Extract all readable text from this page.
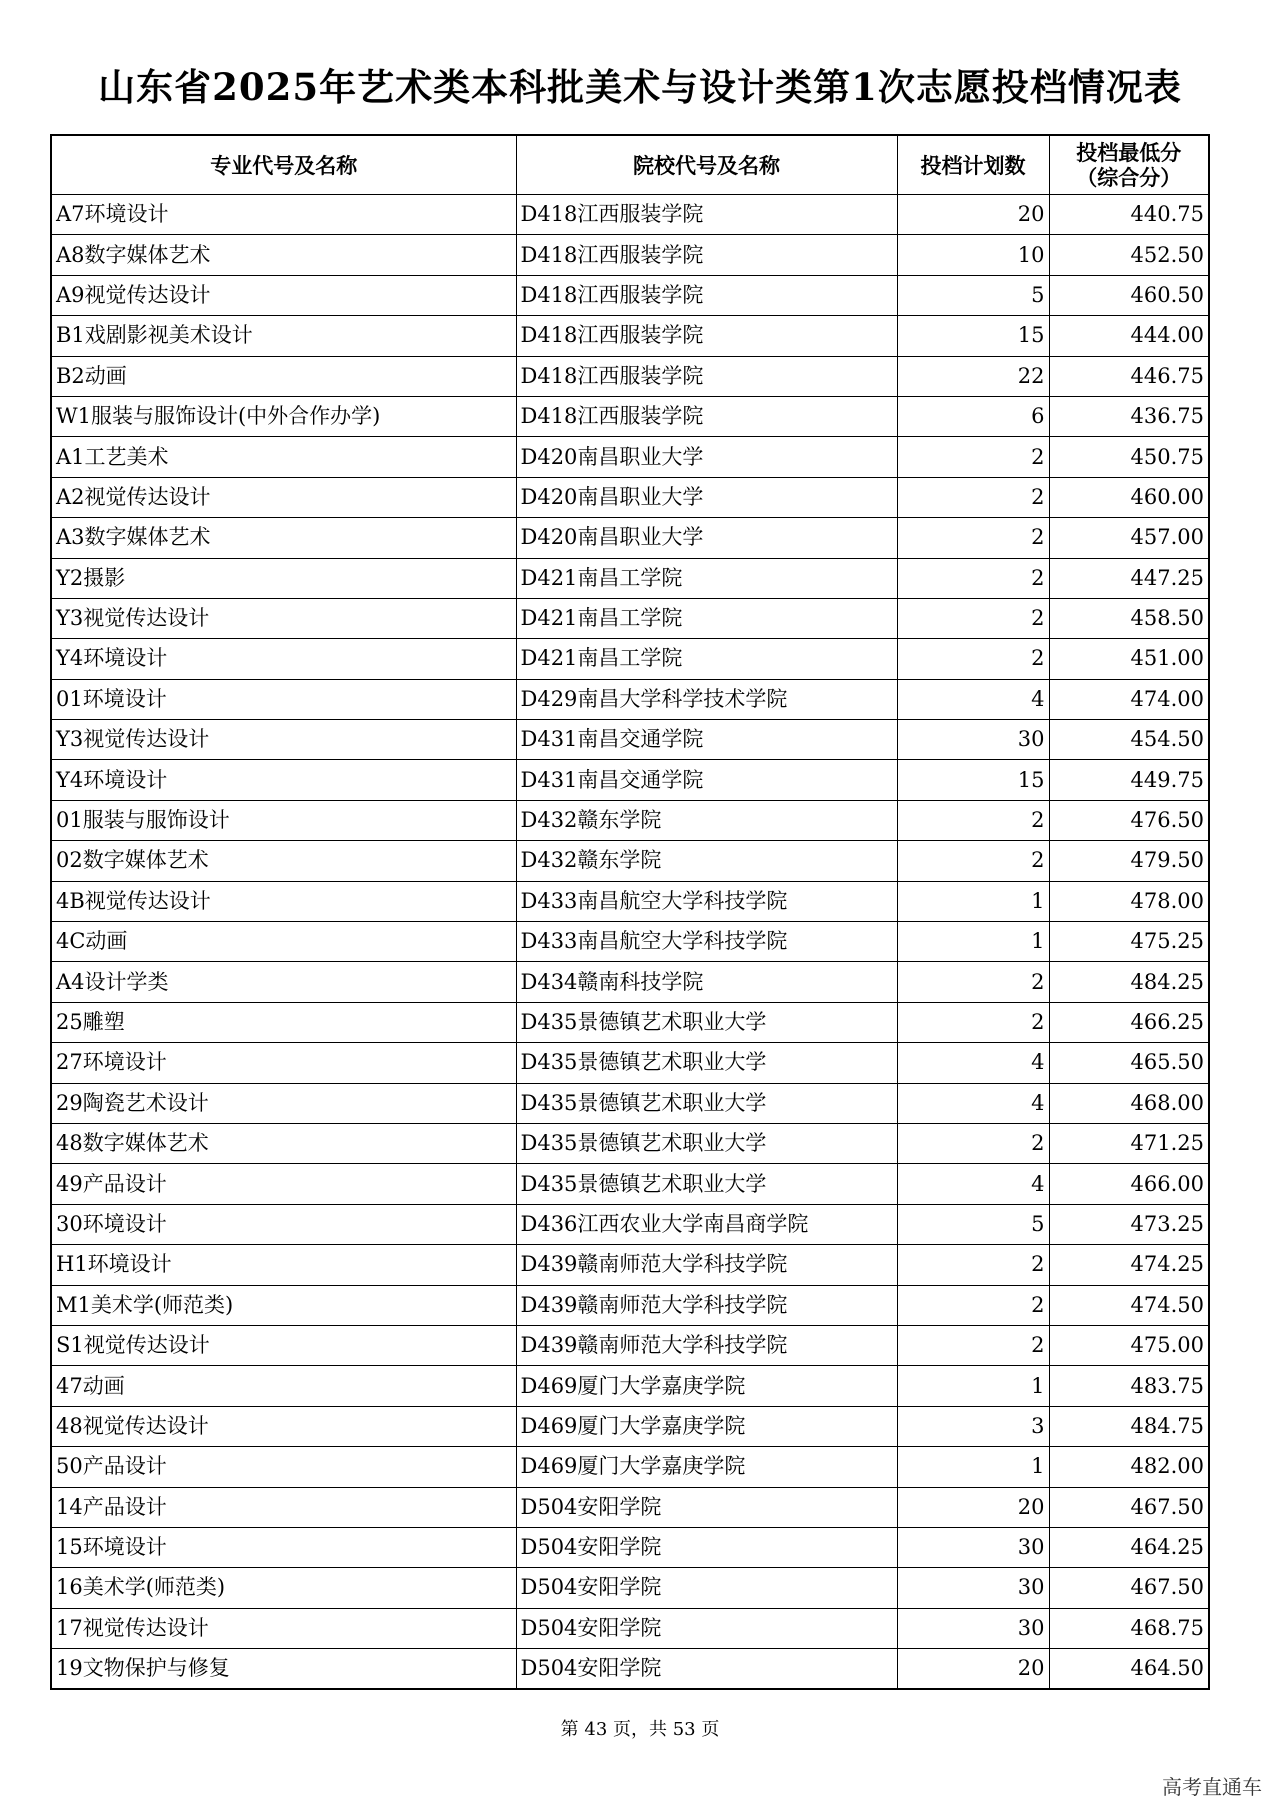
山东省2025年艺术类本科批美术与设计类第1次志愿投档情况表
专业代号及名称	院校代号及名称	投档计划数	投档最低分
（综合分）

A7环境设计	D418江西服装学院	20	440.75
A8数字媒体艺术	D418江西服装学院	10	452.50
A9视觉传达设计	D418江西服装学院	5	460.50
B1戏剧影视美术设计	D418江西服装学院	15	444.00
B2动画	D418江西服装学院	22	446.75
W1服装与服饰设计(中外合作办学)	D418江西服装学院	6	436.75
A1工艺美术	D420南昌职业大学	2	450.75
A2视觉传达设计	D420南昌职业大学	2	460.00
A3数字媒体艺术	D420南昌职业大学	2	457.00
Y2摄影	D421南昌工学院	2	447.25
Y3视觉传达设计	D421南昌工学院	2	458.50
Y4环境设计	D421南昌工学院	2	451.00
01环境设计	D429南昌大学科学技术学院	4	474.00
Y3视觉传达设计	D431南昌交通学院	30	454.50
Y4环境设计	D431南昌交通学院	15	449.75
01服装与服饰设计	D432赣东学院	2	476.50
02数字媒体艺术	D432赣东学院	2	479.50
4B视觉传达设计	D433南昌航空大学科技学院	1	478.00
4C动画	D433南昌航空大学科技学院	1	475.25
A4设计学类	D434赣南科技学院	2	484.25
25雕塑	D435景德镇艺术职业大学	2	466.25
27环境设计	D435景德镇艺术职业大学	4	465.50
29陶瓷艺术设计	D435景德镇艺术职业大学	4	468.00
48数字媒体艺术	D435景德镇艺术职业大学	2	471.25
49产品设计	D435景德镇艺术职业大学	4	466.00
30环境设计	D436江西农业大学南昌商学院	5	473.25
H1环境设计	D439赣南师范大学科技学院	2	474.25
M1美术学(师范类)	D439赣南师范大学科技学院	2	474.50
S1视觉传达设计	D439赣南师范大学科技学院	2	475.00
47动画	D469厦门大学嘉庚学院	1	483.75
48视觉传达设计	D469厦门大学嘉庚学院	3	484.75
50产品设计	D469厦门大学嘉庚学院	1	482.00
14产品设计	D504安阳学院	20	467.50
15环境设计	D504安阳学院	30	464.25
16美术学(师范类)	D504安阳学院	30	467.50
17视觉传达设计	D504安阳学院	30	468.75
19文物保护与修复	D504安阳学院	20	464.50
第 43 页，共 53 页
高考直通车
